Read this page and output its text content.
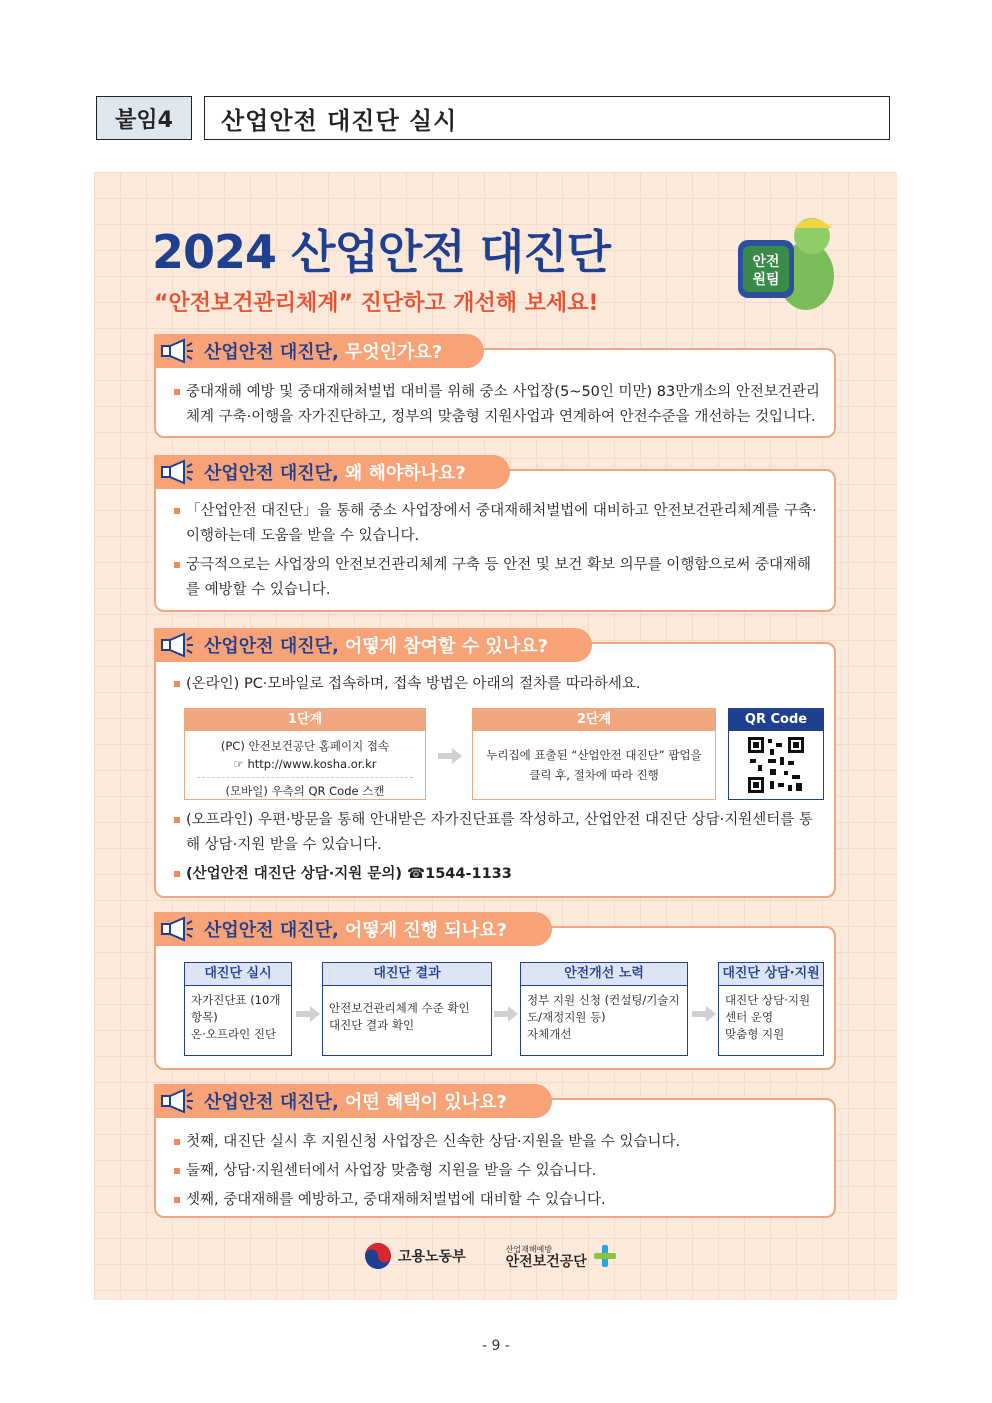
붙임4	산업안전 대진단 실시
2024 산업안전 대진단
“안전보건관리체계” 진단하고 개선해 보세요!
안전
원팀

중대재해 예방 및 중대재해처벌법 대비를 위해 중소 사업장(5~50인 미만) 83만개소의 안전보건관리체계 구축·이행을 자가진단하고, 정부의 맞춤형 지원사업과 연계하여 안전수준을 개선하는 것입니다.

산업안전 대진단, 무엇인가요?

「산업안전 대진단」을 통해 중소 사업장에서 중대재해처벌법에 대비하고 안전보건관리체계를 구축·이행하는데 도움을 받을 수 있습니다.

궁극적으로는 사업장의 안전보건관리체계 구축 등 안전 및 보건 확보 의무를 이행함으로써 중대재해를 예방할 수 있습니다.

산업안전 대진단, 왜 해야하나요?

(온라인) PC·모바일로 접속하며, 접속 방법은 아래의 절차를 따라하세요.

1단계
(PC) 안전보건공단 홈페이지 접속
☞ http://www.kosha.or.kr
(모바일) 우측의 QR Code 스캔
2단계
누리집에 표출된 “산업안전 대진단” 팝업을
클릭 후, 절차에 따라 진행
QR Code

(오프라인) 우편·방문을 통해 안내받은 자가진단표를 작성하고, 산업안전 대진단 상담·지원센터를 통해 상담·지원 받을 수 있습니다.

(산업안전 대진단 상담·지원 문의) ☎1544-1133

산업안전 대진단, 어떻게 참여할 수 있나요?
대진단 실시
자가진단표 (10개 항목)
온·오프라인 진단
대진단 결과
안전보건관리체계 수준 확인
대진단 결과 확인
안전개선 노력
정부 지원 신청 (컨설팅/기술지도/재정지원 등)
자체개선
대진단 상담·지원
대진단 상담·지원 센터 운영
맞춤형 지원
산업안전 대진단, 어떻게 진행 되나요?

첫째, 대진단 실시 후 지원신청 사업장은 신속한 상담·지원을 받을 수 있습니다.

둘째, 상담·지원센터에서 사업장 맞춤형 지원을 받을 수 있습니다.

셋째, 중대재해를 예방하고, 중대재해처벌법에 대비할 수 있습니다.

산업안전 대진단, 어떤 혜택이 있나요?
고용노동부	산업재해예방
안전보건공단
- 9 -
